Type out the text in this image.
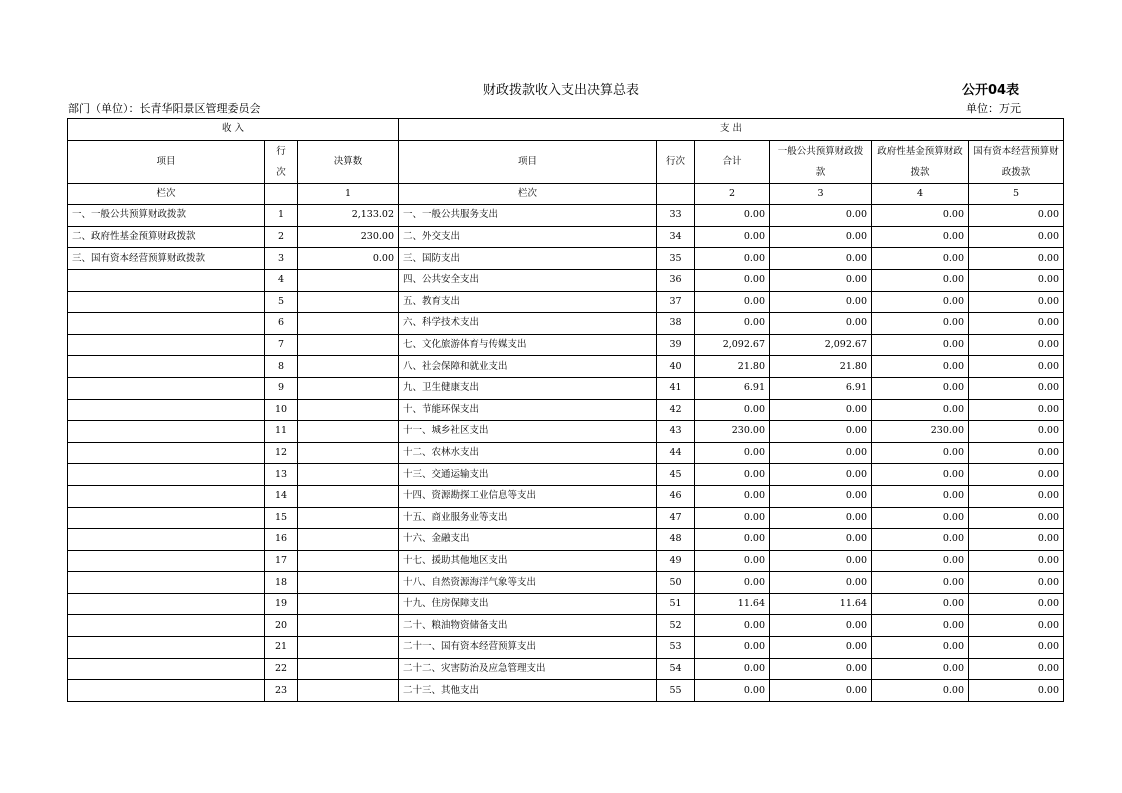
财政拨款收入支出决算总表	公开04表
部门（单位）：长青华阳景区管理委员会	单位：万元
收 入			支 出					
项目	行次	决算数	项目	行次	合计	一般公共预算财政拨款	政府性基金预算财政拨款	国有资本经营预算财政拨款
栏次		1	栏次		2	3	4	5
一、一般公共预算财政拨款	1	2,133.02	一、一般公共服务支出	33	0.00	0.00	0.00	0.00
二、政府性基金预算财政拨款	2	230.00	二、外交支出	34	0.00	0.00	0.00	0.00
三、国有资本经营预算财政拨款	3	0.00	三、国防支出	35	0.00	0.00	0.00	0.00
	4		四、公共安全支出	36	0.00	0.00	0.00	0.00
	5		五、教育支出	37	0.00	0.00	0.00	0.00
	6		六、科学技术支出	38	0.00	0.00	0.00	0.00
	7		七、文化旅游体育与传媒支出	39	2,092.67	2,092.67	0.00	0.00
	8		八、社会保障和就业支出	40	21.80	21.80	0.00	0.00
	9		九、卫生健康支出	41	6.91	6.91	0.00	0.00
	10		十、节能环保支出	42	0.00	0.00	0.00	0.00
	11		十一、城乡社区支出	43	230.00	0.00	230.00	0.00
	12		十二、农林水支出	44	0.00	0.00	0.00	0.00
	13		十三、交通运输支出	45	0.00	0.00	0.00	0.00
	14		十四、资源勘探工业信息等支出	46	0.00	0.00	0.00	0.00
	15		十五、商业服务业等支出	47	0.00	0.00	0.00	0.00
	16		十六、金融支出	48	0.00	0.00	0.00	0.00
	17		十七、援助其他地区支出	49	0.00	0.00	0.00	0.00
	18		十八、自然资源海洋气象等支出	50	0.00	0.00	0.00	0.00
	19		十九、住房保障支出	51	11.64	11.64	0.00	0.00
	20		二十、粮油物资储备支出	52	0.00	0.00	0.00	0.00
	21		二十一、国有资本经营预算支出	53	0.00	0.00	0.00	0.00
	22		二十二、灾害防治及应急管理支出	54	0.00	0.00	0.00	0.00
	23		二十三、其他支出	55	0.00	0.00	0.00	0.00
